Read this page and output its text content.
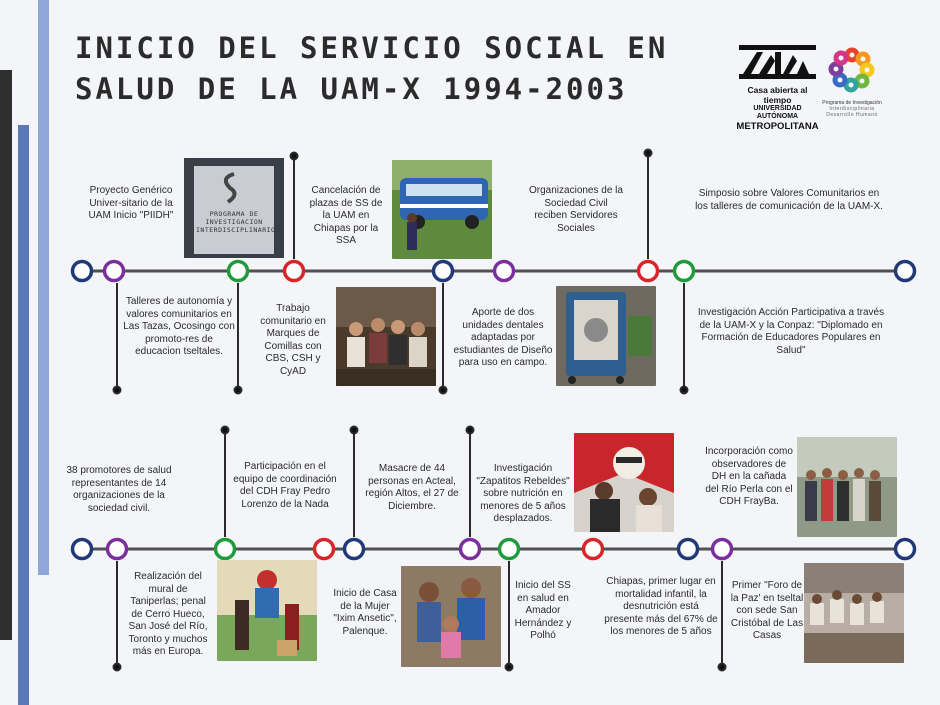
INICIO DEL SERVICIO SOCIAL EN
SALUD DE LA UAM-X 1994-2003	Casa abierta al tiempo
UNIVERSIDAD AUTÓNOMA
METROPOLITANA
Programa de Investigación
Interdisciplinaria
Desarrollo Humano
PROGRAMA DE INVESTIGACION INTERDISCIPLINARIO
Proyecto Genérico Univer-sitario de la UAM Inicio "PIIDH"
Talleres de autonomía y valores comunitarios en Las Tazas, Ocosingo con promoto-res de educacion tseltales.
Trabajo comunitario en Marques de Comillas con CBS, CSH y CyAD
Cancelación de plazas de SS de la UAM en Chiapas por la SSA
Aporte de dos unidades dentales adaptadas por estudiantes de Diseño para uso en campo.
Organizaciones de la Sociedad Civil reciben Servidores Sociales
Simposio sobre Valores Comunitarios en los talleres de comunicación de la UAM-X.
Investigación Acción Participativa a través de la UAM-X y la Conpaz: "Diplomado en Formación de Educadores Populares en Salud"
38 promotores de salud representantes de 14 organizaciones de la sociedad civil.
Realización del mural de Taniperlas; penal de Cerro Hueco, San José del Río, Toronto y muchos más en Europa.
Participación en el equipo de coordinación del CDH Fray Pedro Lorenzo de la Nada
Inicio de Casa de la Mujer "Ixim Ansetic", Palenque.
Masacre de 44 personas en Acteal, región Altos, el 27 de Diciembre.
Investigación "Zapatitos Rebeldes" sobre nutrición en menores de 5 años desplazados.
Inicio del SS en salud en Amador Hernández y Polhó
Chiapas, primer lugar en mortalidad infantil, la desnutrición está presente más del 67% de los menores de 5 años
Incorporación como observadores de DH en la cañada del Río Perla con el CDH FrayBa.
Primer "Foro de la Paz' en tseltal con sede San Cristóbal de Las Casas
